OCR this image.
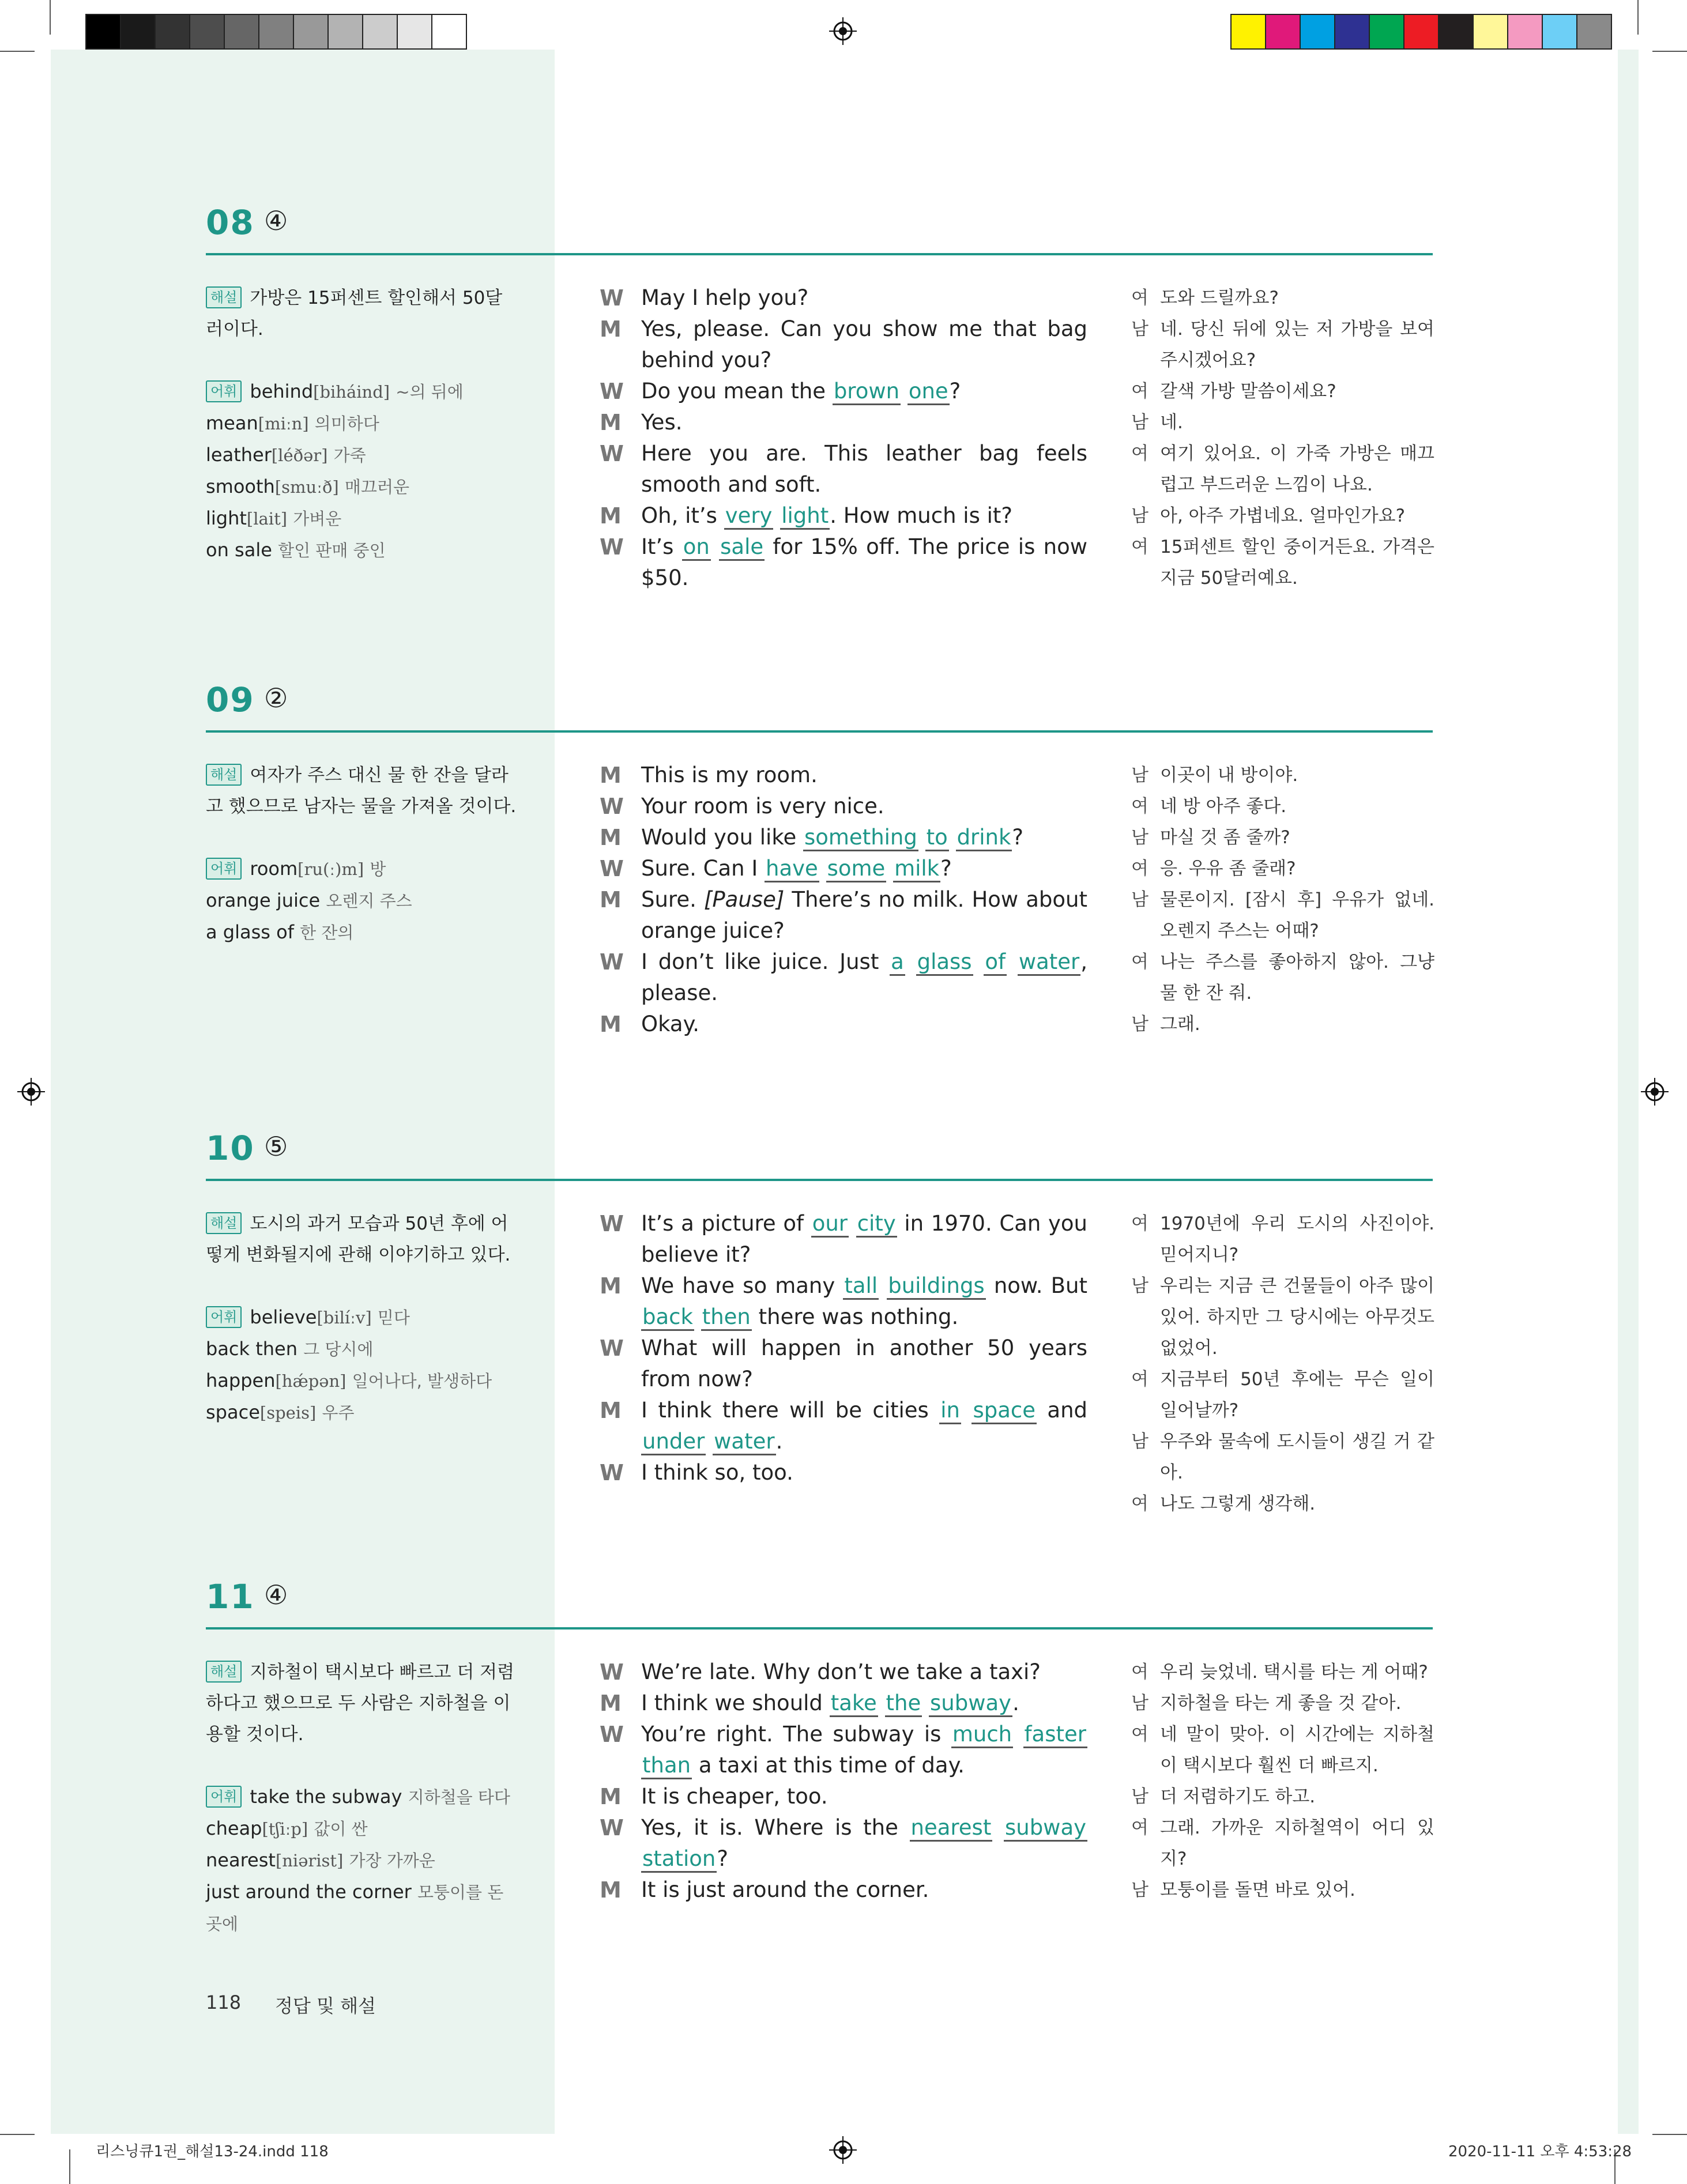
08 ④
해설 가방은 15퍼센트 할인해서 50달러이다.
어휘 behind[biháind] ~의 뒤에
mean[miːn] 의미하다
leather[léðər] 가죽
smooth[smuːð] 매끄러운
light[lait] 가벼운
on sale 할인 판매 중인
W May I help you?
M Yes, please. Can you show me that bag behind you?
W Do you mean the brown one?
M Yes.
W Here you are. This leather bag feels smooth and soft.
M Oh, it’s very light. How much is it?
W It’s on sale for 15% off. The price is now $50.
여 도와 드릴까요?
남 네. 당신 뒤에 있는 저 가방을 보여주시겠어요?
여 갈색 가방 말씀이세요?
남 네.
여 여기 있어요. 이 가죽 가방은 매끄럽고 부드러운 느낌이 나요.
남 아, 아주 가볍네요. 얼마인가요?
여 15퍼센트 할인 중이거든요. 가격은 지금 50달러예요.
09 ②
해설 여자가 주스 대신 물 한 잔을 달라고 했으므로 남자는 물을 가져올 것이다.
어휘 room[ru(ː)m] 방
orange juice 오렌지 주스
a glass of 한 잔의
M This is my room.
W Your room is very nice.
M Would you like something to drink?
W Sure. Can I have some milk?
M Sure. [Pause] There’s no milk. How about orange juice?
W I don’t like juice. Just a glass of water, please.
M Okay.
남 이곳이 내 방이야.
여 네 방 아주 좋다.
남 마실 것 좀 줄까?
여 응. 우유 좀 줄래?
남 물론이지. [잠시 후] 우유가 없네. 오렌지 주스는 어때?
여 나는 주스를 좋아하지 않아. 그냥 물 한 잔 줘.
남 그래.
10 ⑤
해설 도시의 과거 모습과 50년 후에 어떻게 변화될지에 관해 이야기하고 있다.
어휘 believe[bilíːv] 믿다
back then 그 당시에
happen[hǽpən] 일어나다, 발생하다
space[speis] 우주
W It’s a picture of our city in 1970. Can you believe it?
M We have so many tall buildings now. But back then there was nothing.
W What will happen in another 50 years from now?
M I think there will be cities in space and under water.
W I think so, too.
여 1970년에 우리 도시의 사진이야. 믿어지니?
남 우리는 지금 큰 건물들이 아주 많이 있어. 하지만 그 당시에는 아무것도 없었어.
여 지금부터 50년 후에는 무슨 일이 일어날까?
남 우주와 물속에 도시들이 생길 거 같아.
여 나도 그렇게 생각해.
11 ④
해설 지하철이 택시보다 빠르고 더 저렴하다고 했으므로 두 사람은 지하철을 이용할 것이다.
어휘 take the subway 지하철을 타다
cheap[tʃiːp] 값이 싼
nearest[niərist] 가장 가까운
just around the corner 모퉁이를 돈 곳에
W We’re late. Why don’t we take a taxi?
M I think we should take the subway.
W You’re right. The subway is much faster than a taxi at this time of day.
M It is cheaper, too.
W Yes, it is. Where is the nearest subway station?
M It is just around the corner.
여 우리 늦었네. 택시를 타는 게 어때?
남 지하철을 타는 게 좋을 것 같아.
여 네 말이 맞아. 이 시간에는 지하철이 택시보다 훨씬 더 빠르지.
남 더 저렴하기도 하고.
여 그래. 가까운 지하철역이 어디 있지?
남 모퉁이를 돌면 바로 있어.
118 정답 및 해설
리스닝큐1권_해설13-24.indd 118	2020-11-11 오후 4:53:28
